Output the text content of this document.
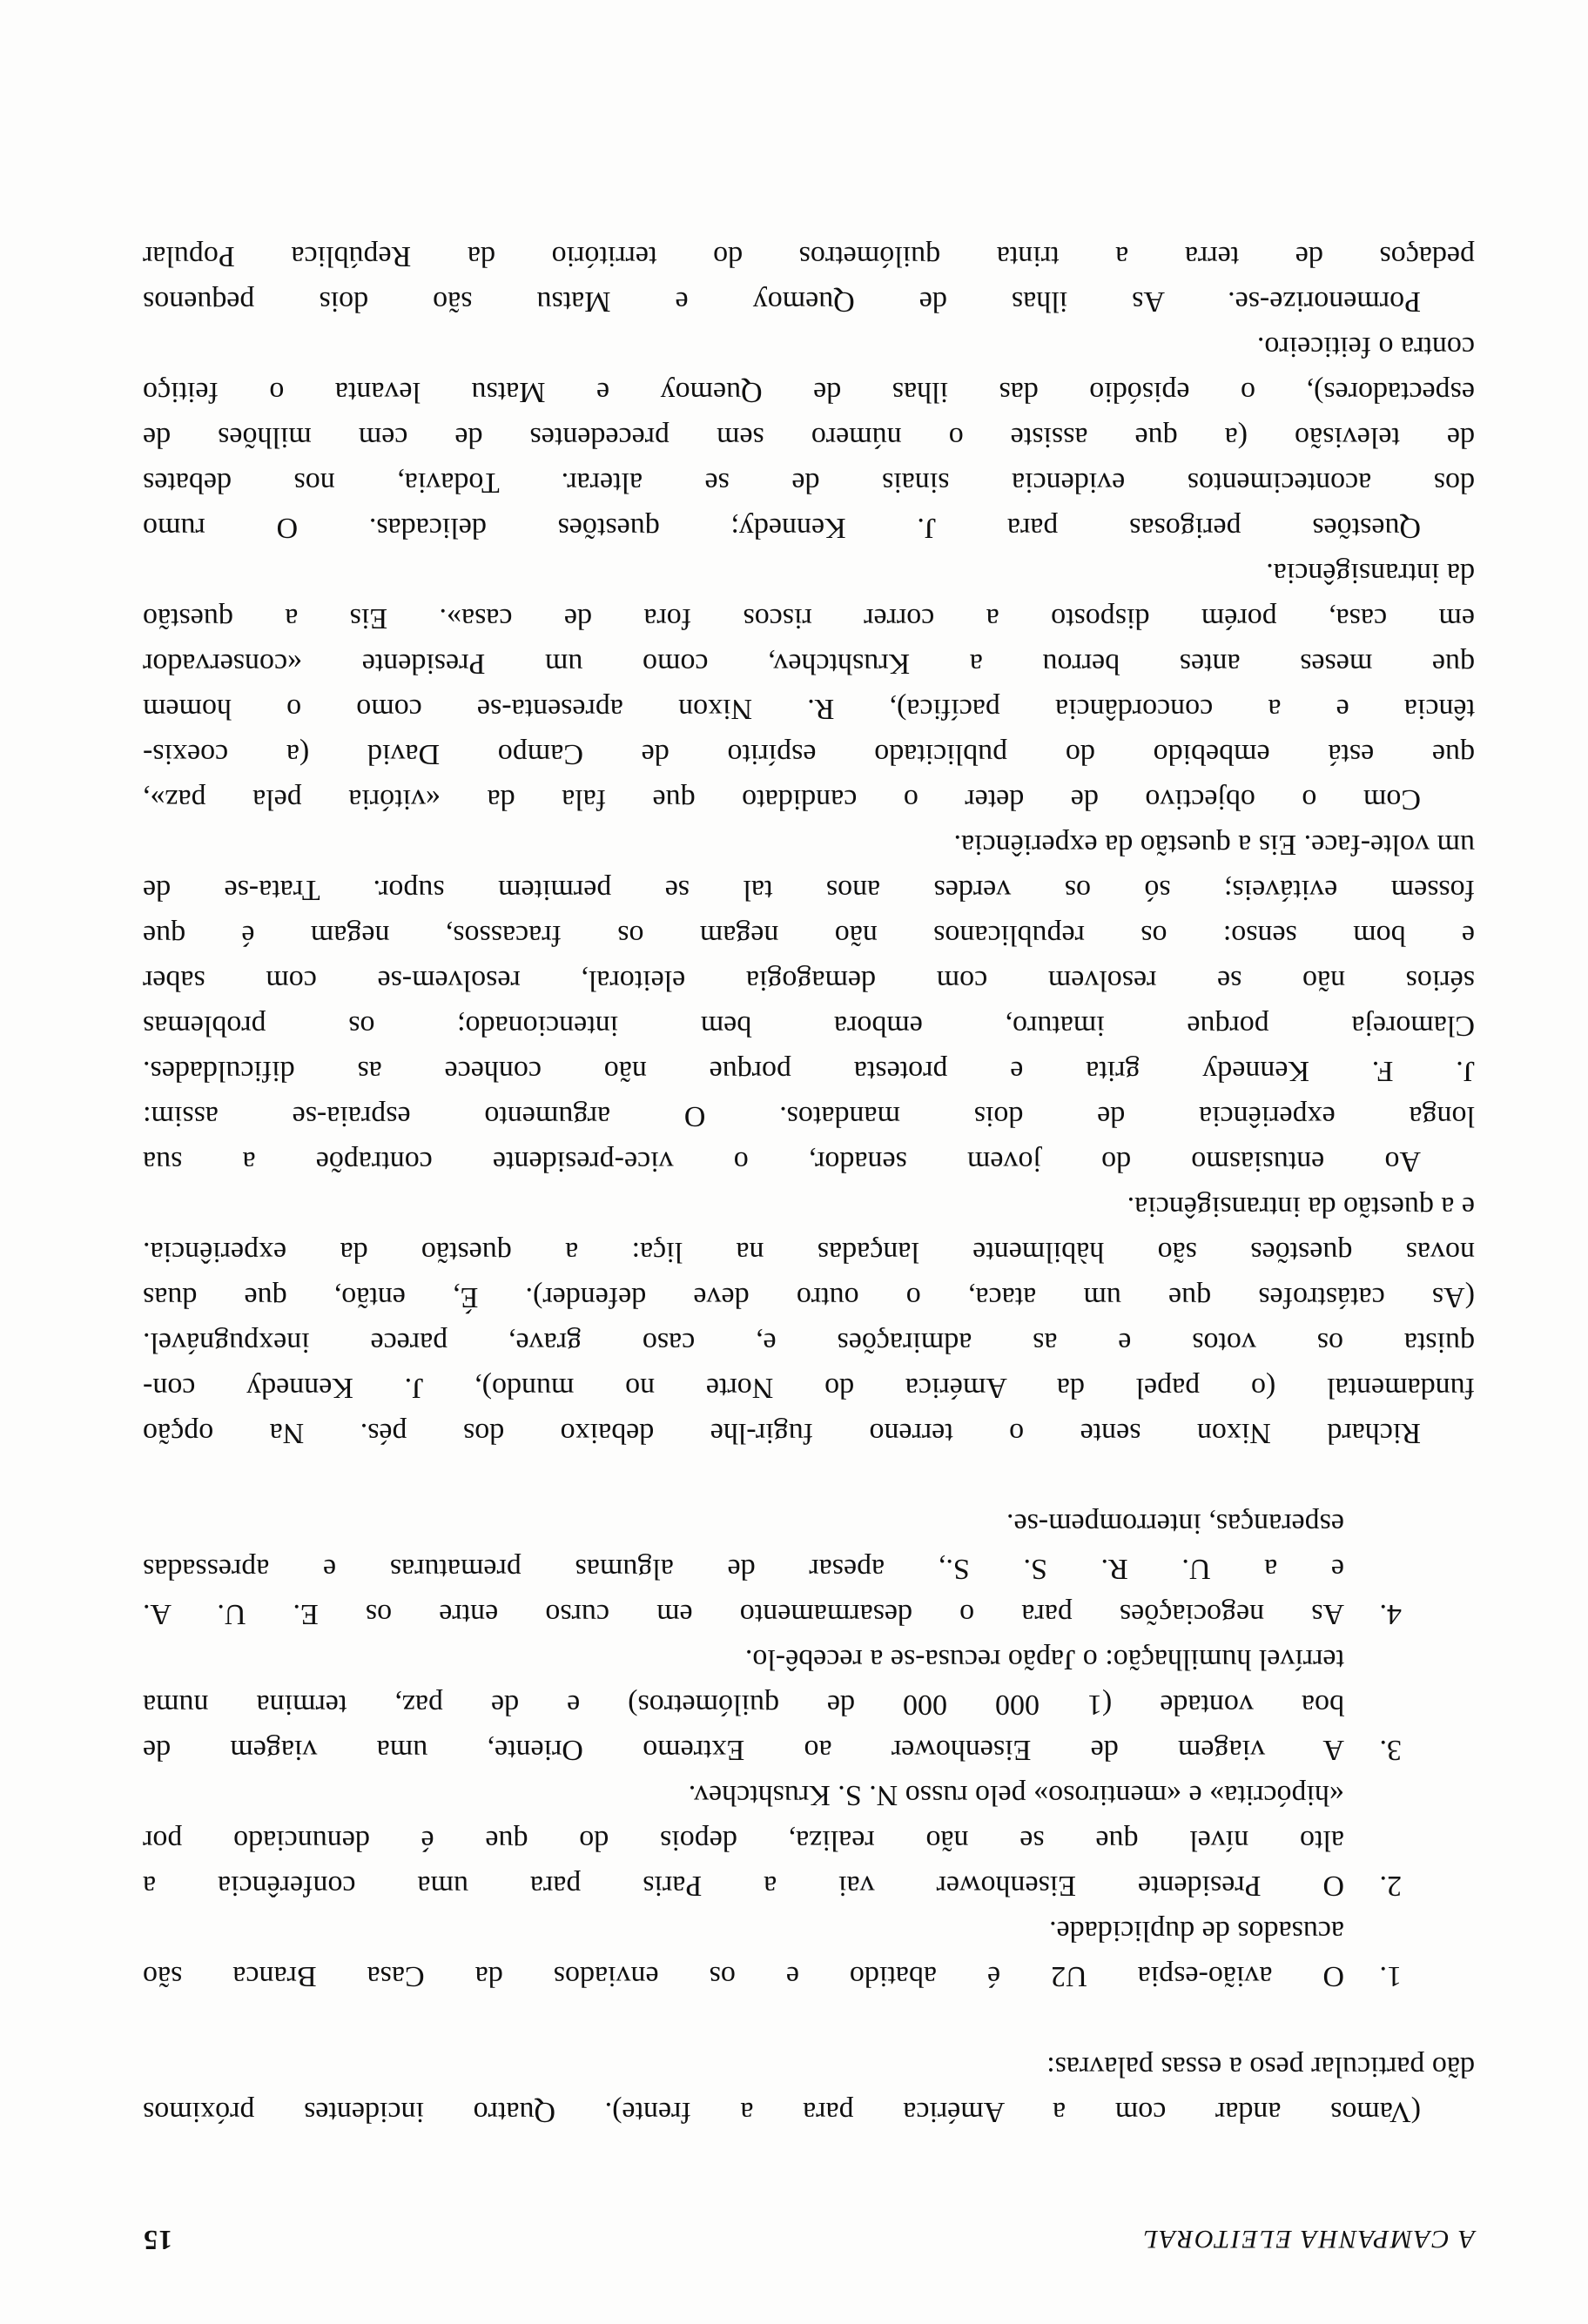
A CAMPANHA ELEITORAL
15
(Vamos andar com a América para a frente). Quatro incidentes próximos
dão particular peso a essas palavras:
1.
O avião-espia U2 é abatido e os enviados da Casa Branca são
acusados de duplicidade.
2.
O Presidente Eisenhower vai a Paris para uma conferência a
alto nível que se não realiza, depois do que é denunciado por
«hipócrita» e «mentiroso» pelo russo N. S. Krushtchev.
3.
A viagem de Eisenhower ao Extremo Oriente, uma viagem de
boa vontade (1 000 000 de quilómetros) e de paz, termina numa
terrível humilhação: o Japão recusa-se a recebê-lo.
4.
As negociações para o desarmamento em curso entre os E. U. A.
e a U. R. S. S., apesar de algumas prematuras e apressadas
esperanças, interrompem-se.
Richard Nixon sente o terreno fugir-lhe debaixo dos pés. Na opção
fundamental (o papel da América do Norte no mundo), J. Kennedy con-
quista os votos e as admirações e, caso grave, parece inexpugnável.
(As catástrofes que um ataca, o outro deve defender). É, então, que duas
novas questões são hàbilmente lançadas na liça: a questão da experiência.
e a questão da intransigência.
Ao entusiasmo do jovem senador, o vice-presidente contrapõe a sua
longa experiência de dois mandatos. O argumento espraia-se assim:
J. F. Kennedy grita e protesta porque não conhece as dificuldades.
Clamoreja porque imaturo, embora bem intencionado; os problemas
sérios não se resolvem com demagogia eleitoral, resolvem-se com saber
e bom senso: os republicanos não negam os fracassos, negam é que
fossem evitáveis; só os verdes anos tal se permitem supor. Trata-se de
um volte-face. Eis a questão da experiência.
Com o objectivo de deter o candidato que fala da «vitória pela paz»,
que está embebido do publicitado espírito de Campo David (a coexis-
tência e a concordância pacífica), R. Nixon apresenta-se como o homem
que meses antes berrou a Krushtchev, como um Presidente «conservador
em casa, porém disposto a correr riscos fora de casa». Eis a questão
da intransigência.
Questões perigosas para J. Kennedy; questões delicadas. O rumo
dos acontecimentos evidencia sinais de se alterar. Todavia, nos debates
de televisão (a que assiste o número sem precedentes de cem milhões de
espectadores), o episódio das ilhas de Quemoy e Matsu levanta o feitiço
contra o feiticeiro.
Pormenorize-se. As ilhas de Quemoy e Matsu são dois pequenos
pedaços de terra a trinta quilómetros do território da República Popular
